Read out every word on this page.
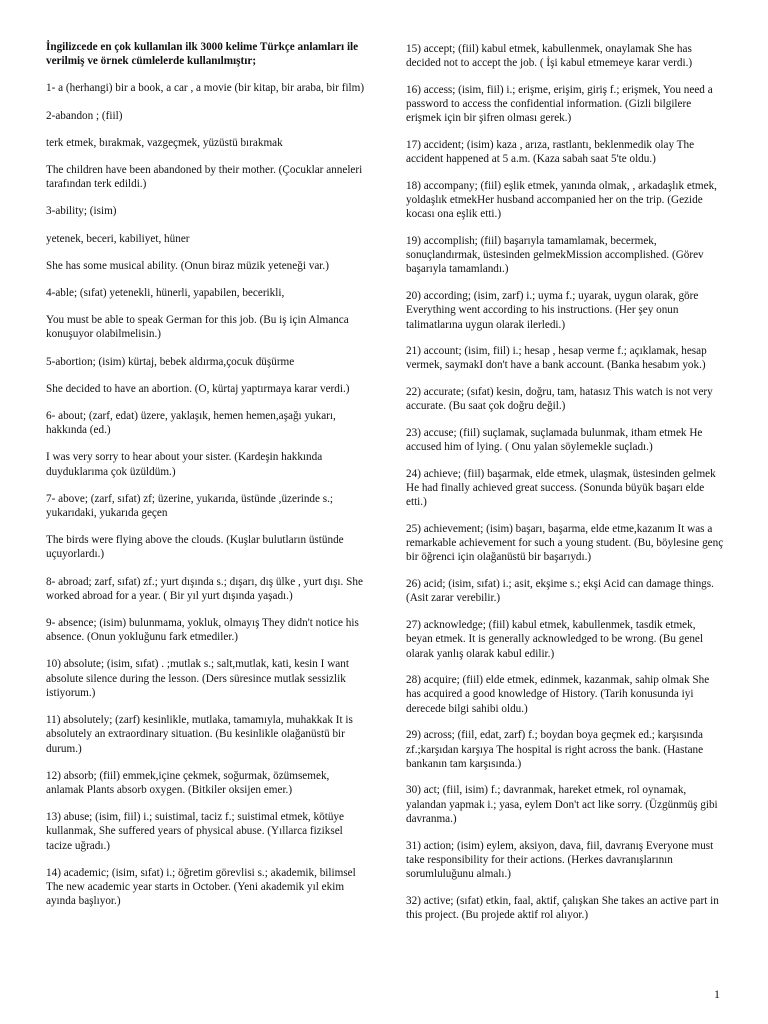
İngilizcede en çok kullanılan ilk 3000 kelime Türkçe anlamları ile verilmiş ve örnek cümlelerde kullanılmıştır;
1- a (herhangi) bir a book, a car , a movie (bir kitap, bir araba, bir film)
2-abandon ; (fiil)
terk etmek, bırakmak, vazgeçmek, yüzüstü bırakmak
The children have been abandoned by their mother. (Çocuklar anneleri tarafından terk edildi.)
3-ability; (isim)
yetenek, beceri, kabiliyet, hüner
She has some musical ability. (Onun biraz müzik yeteneği var.)
4-able; (sıfat) yetenekli, hünerli, yapabilen, becerikli,
You must be able to speak German for this job. (Bu iş için Almanca konuşuyor olabilmelisin.)
5-abortion; (isim) kürtaj, bebek aldırma,çocuk düşürme
She decided to have an abortion. (O, kürtaj yaptırmaya karar verdi.)
6- about; (zarf, edat) üzere, yaklaşık, hemen hemen,aşağı yukarı, hakkında (ed.)
I was very sorry to hear about your sister. (Kardeşin hakkında duyduklarıma çok üzüldüm.)
7- above; (zarf, sıfat) zf; üzerine, yukarıda, üstünde ,üzerinde s.; yukarıdaki, yukarıda geçen
The birds were flying above the clouds. (Kuşlar bulutların üstünde uçuyorlardı.)
8- abroad; zarf, sıfat) zf.; yurt dışında s.; dışarı, dış ülke , yurt dışı. She worked abroad for a year. ( Bir yıl yurt dışında yaşadı.)
9- absence; (isim) bulunmama, yokluk, olmayış They didn't notice his absence. (Onun yokluğunu fark etmediler.)
10) absolute; (isim, sıfat) . ;mutlak s.; salt,mutlak, kati, kesin I want absolute silence during the lesson. (Ders süresince mutlak sessizlik istiyorum.)
11) absolutely; (zarf) kesinlikle, mutlaka, tamamıyla, muhakkak It is absolutely an extraordinary situation. (Bu kesinlikle olağanüstü bir durum.)
12) absorb; (fiil) emmek,içine çekmek, soğurmak, özümsemek, anlamak Plants absorb oxygen. (Bitkiler oksijen emer.)
13) abuse; (isim, fiil) i.; suistimal, taciz f.; suistimal etmek, kötüye kullanmak, She suffered years of physical abuse. (Yıllarca fiziksel tacize uğradı.)
14) academic; (isim, sıfat) i.; öğretim görevlisi s.; akademik, bilimsel The new academic year starts in October. (Yeni akademik yıl ekim ayında başlıyor.)
15) accept; (fiil) kabul etmek, kabullenmek, onaylamak She has decided not to accept the job. ( İşi kabul etmemeyе karar verdi.)
16) access; (isim, fiil) i.; erişme, erişim, giriş f.; erişmek, You need a password to access the confidential information. (Gizli bilgilere erişmek için bir şifren olması gerek.)
17) accident; (isim) kaza , arıza, rastlantı, beklenmedik olay The accident happened at 5 a.m. (Kaza sabah saat 5'te oldu.)
18) accompany; (fiil) eşlik etmek, yanında olmak, , arkadaşlık etmek, yoldaşlık etmekHer husband accompanied her on the trip. (Gezide kocası ona eşlik etti.)
19) accomplish; (fiil) başarıyla tamamlamak, becermek, sonuçlandırmak, üstesinden gelmekMission accomplished. (Görev başarıyla tamamlandı.)
20) according; (isim, zarf) i.; uyma f.; uyarak, uygun olarak, göre Everything went according to his instructions. (Her şey onun talimatlarına uygun olarak ilerledi.)
21) account; (isim, fiil) i.; hesap , hesap verme f.; açıklamak, hesap vermek, saymakI don't have a bank account. (Banka hesabım yok.)
22) accurate; (sıfat) kesin, doğru, tam, hatasız This watch is not very accurate. (Bu saat çok doğru değil.)
23) accuse; (fiil) suçlamak, suçlamada bulunmak, itham etmek He accused him of lying. ( Onu yalan söylemekle suçladı.)
24) achieve; (fiil) başarmak, elde etmek, ulaşmak, üstesinden gelmek He had finally achieved great success. (Sonunda büyük başarı elde etti.)
25) achievement; (isim) başarı, başarma, elde etme,kazanım It was a remarkable achievement for such a young student. (Bu, böylesine genç bir öğrenci için olağanüstü bir başarıydı.)
26) acid; (isim, sıfat) i.; asit, ekşime s.; ekşi Acid can damage things. (Asit zarar verebilir.)
27) acknowledge; (fiil) kabul etmek, kabullenmek, tasdik etmek, beyan etmek. It is generally acknowledged to be wrong. (Bu genel olarak yanlış olarak kabul edilir.)
28) acquire; (fiil) elde etmek, edinmek, kazanmak, sahip olmak She has acquired a good knowledge of History. (Tarih konusunda iyi derecede bilgi sahibi oldu.)
29) across; (fiil, edat, zarf) f.; boydan boya geçmek ed.; karşısında zf.;karşıdan karşıya The hospital is right across the bank. (Hastane bankanın tam karşısında.)
30) act; (fiil, isim) f.; davranmak, hareket etmek, rol oynamak, yalandan yapmak i.; yasa, eylem Don't act like sorry. (Üzgünmüş gibi davranma.)
31) action; (isim) eylem, aksiyon, dava, fiil, davranış Everyone must take responsibility for their actions. (Herkes davranışlarının sorumluluğunu almalı.)
32) active; (sıfat) etkin, faal, aktif, çalışkan She takes an active part in this project. (Bu projede aktif rol alıyor.)
1
